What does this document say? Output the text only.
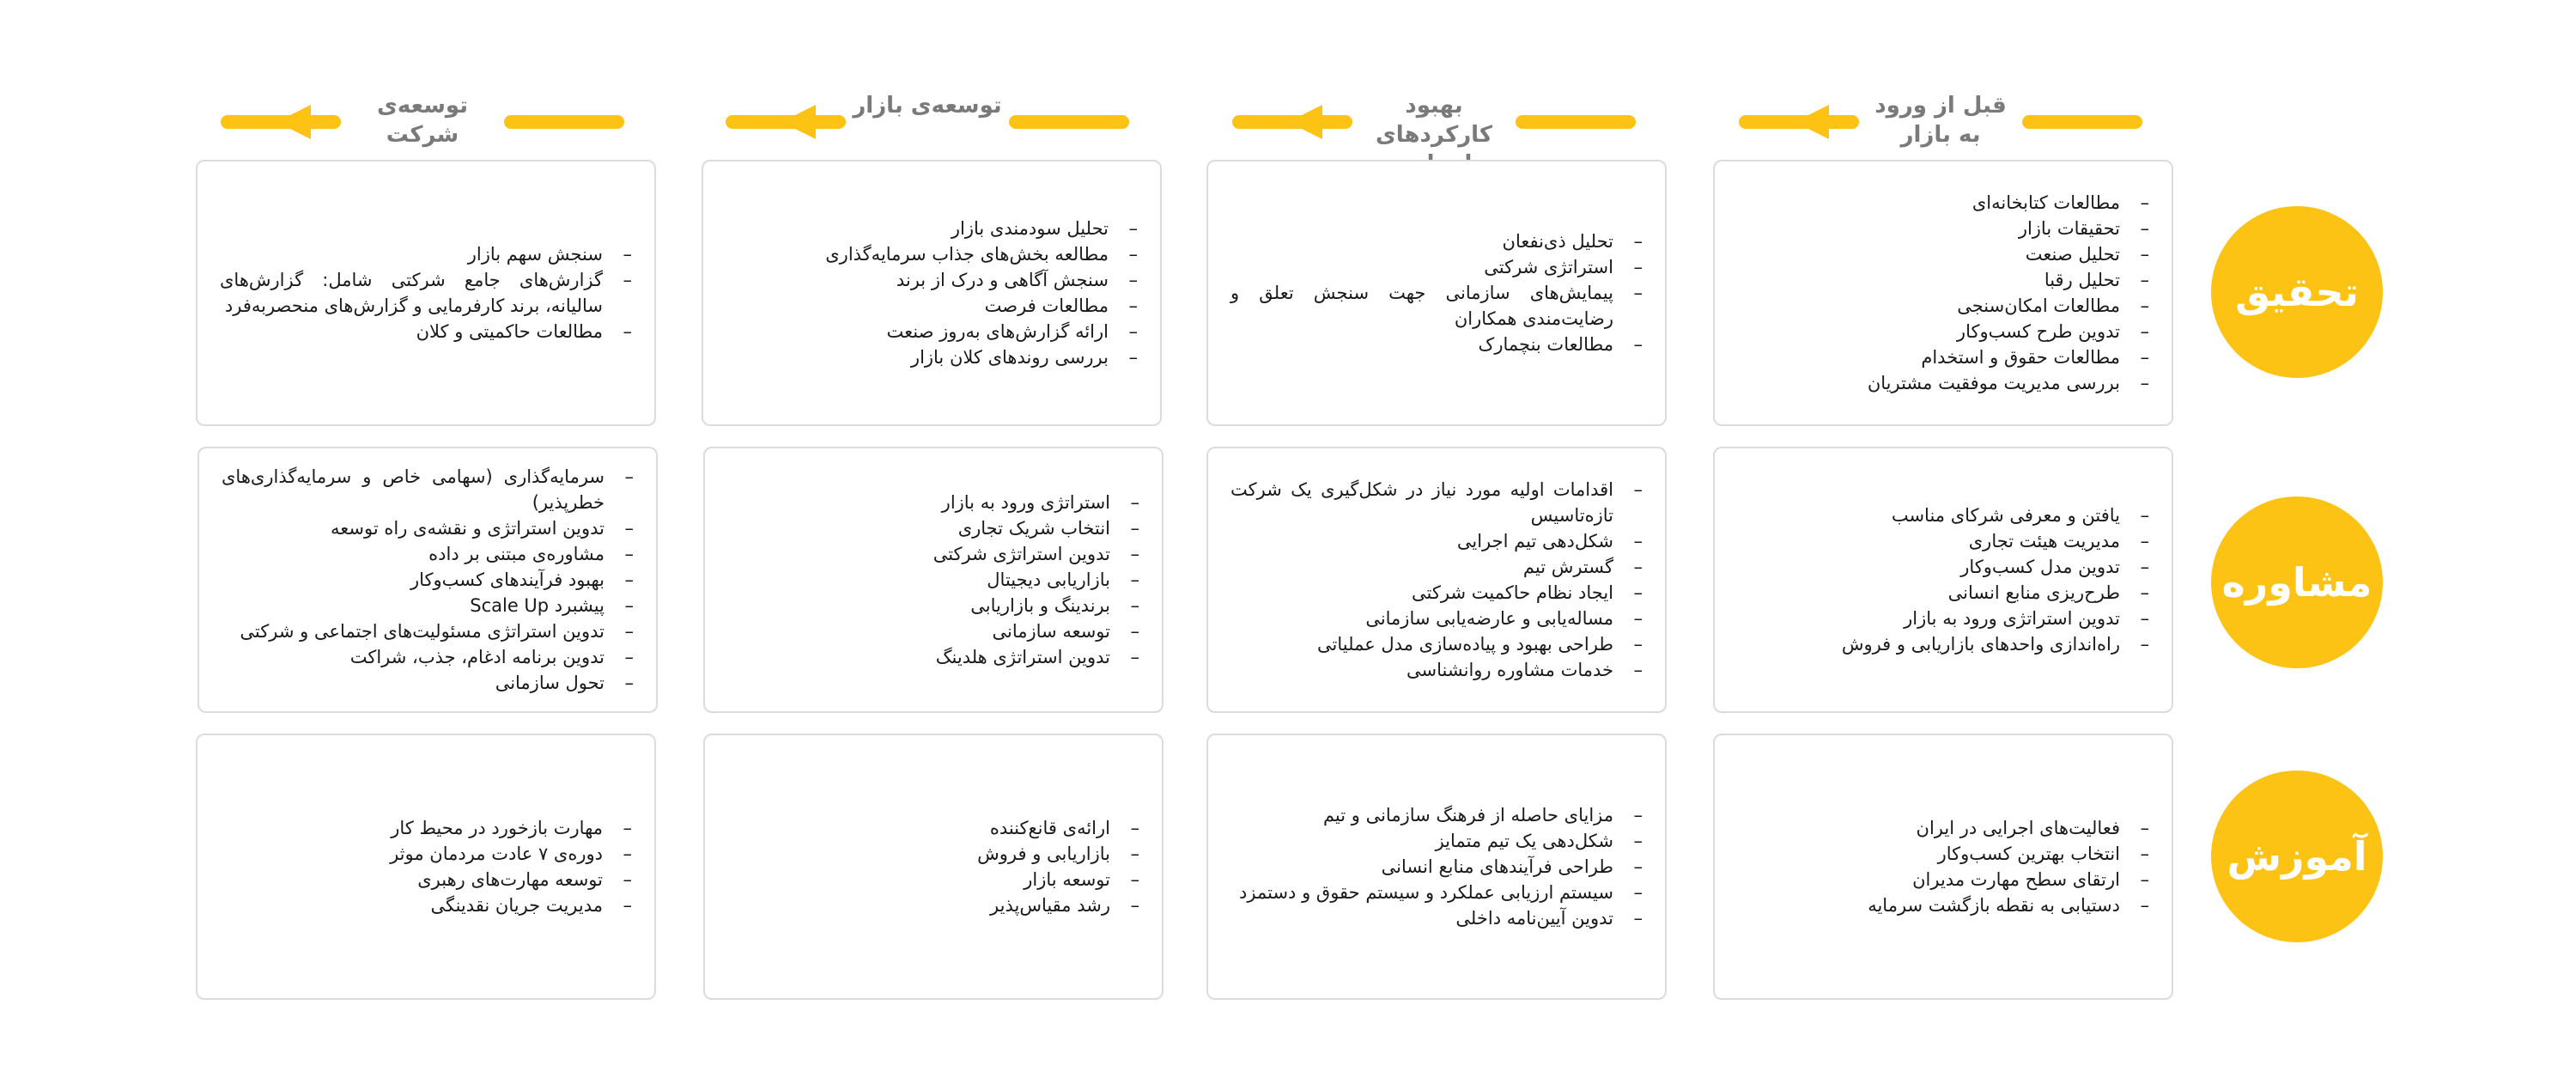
قبل از ورود به بازار
بهبود کارکردهای
توسعه‌ی بازار
توسعه‌ی شرکت
تحقیق
مشاوره
آموزش
– مطالعات کتابخانه‌ای
– تحقیقات بازار
– تحلیل صنعت
– تحلیل رقبا
– مطالعات امکان‌سنجی
– تدوین طرح کسب‌وکار
– مطالعات حقوق و استخدام
– بررسی مدیریت موفقیت مشتریان
– تحلیل ذی‌نفعان
– استراتژی شرکتی
– پیمایش‌های سازمانی جهت سنجش تعلق و رضایت‌مندی همکاران
– مطالعات بنچمارک
– تحلیل سودمندی بازار
– مطالعه بخش‌های جذاب سرمایه‌گذاری
– سنجش آگاهی و درک از برند
– مطالعات فرصت
– ارائه گزارش‌های به‌روز صنعت
– بررسی روندهای کلان بازار
– سنجش سهم بازار
– گزارش‌های جامع شرکتی شامل: گزارش‌های سالیانه، برند کارفرمایی و گزارش‌های منحصربه‌فرد
– مطالعات حاکمیتی و کلان
– یافتن و معرفی شرکای مناسب
– مدیریت هیئت تجاری
– تدوین مدل کسب‌وکار
– طرح‌ریزی منابع انسانی
– تدوین استراتژی ورود به بازار
– راه‌اندازی واحدهای بازاریابی و فروش
– اقدامات اولیه مورد نیاز در شکل‌گیری یک شرکت تازه‌تاسیس
– شکل‌دهی تیم اجرایی
– گسترش تیم
– ایجاد نظام حاکمیت شرکتی
– مساله‌یابی و عارضه‌یابی سازمانی
– طراحی بهبود و پیاده‌سازی مدل عملیاتی
– خدمات مشاوره روانشناسی
– استراتژی ورود به بازار
– انتخاب شریک تجاری
– تدوین استراتژی شرکتی
– بازاریابی دیجیتال
– برندینگ و بازاریابی
– توسعه سازمانی
– تدوین استراتژی هلدینگ
– سرمایه‌گذاری (سهامی خاص و سرمایه‌گذاری‌های خطرپذیر)
– تدوین استراتژی و نقشه‌ی راه توسعه
– مشاوره‌ی مبتنی بر داده
– بهبود فرآیندهای کسب‌وکار
– پیشبرد Scale Up
– تدوین استراتژی مسئولیت‌های اجتماعی و شرکتی
– تدوین برنامه ادغام، جذب، شراکت
– تحول سازمانی
– فعالیت‌های اجرایی در ایران
– انتخاب بهترین کسب‌وکار
– ارتقای سطح مهارت مدیران
– دستیابی به نقطه بازگشت سرمایه
– مزایای حاصله از فرهنگ سازمانی و تیم
– شکل‌دهی یک تیم متمایز
– طراحی فرآیندهای منابع انسانی
– سیستم ارزیابی عملکرد و سیستم حقوق و دستمزد
– تدوین آیین‌نامه داخلی
– ارائه‌ی قانع‌کننده
– بازاریابی و فروش
– توسعه بازار
– رشد مقیاس‌پذیر
– مهارت بازخورد در محیط کار
– دوره‌ی ۷ عادت مردمان موثر
– توسعه مهارت‌های رهبری
– مدیریت جریان نقدینگی
